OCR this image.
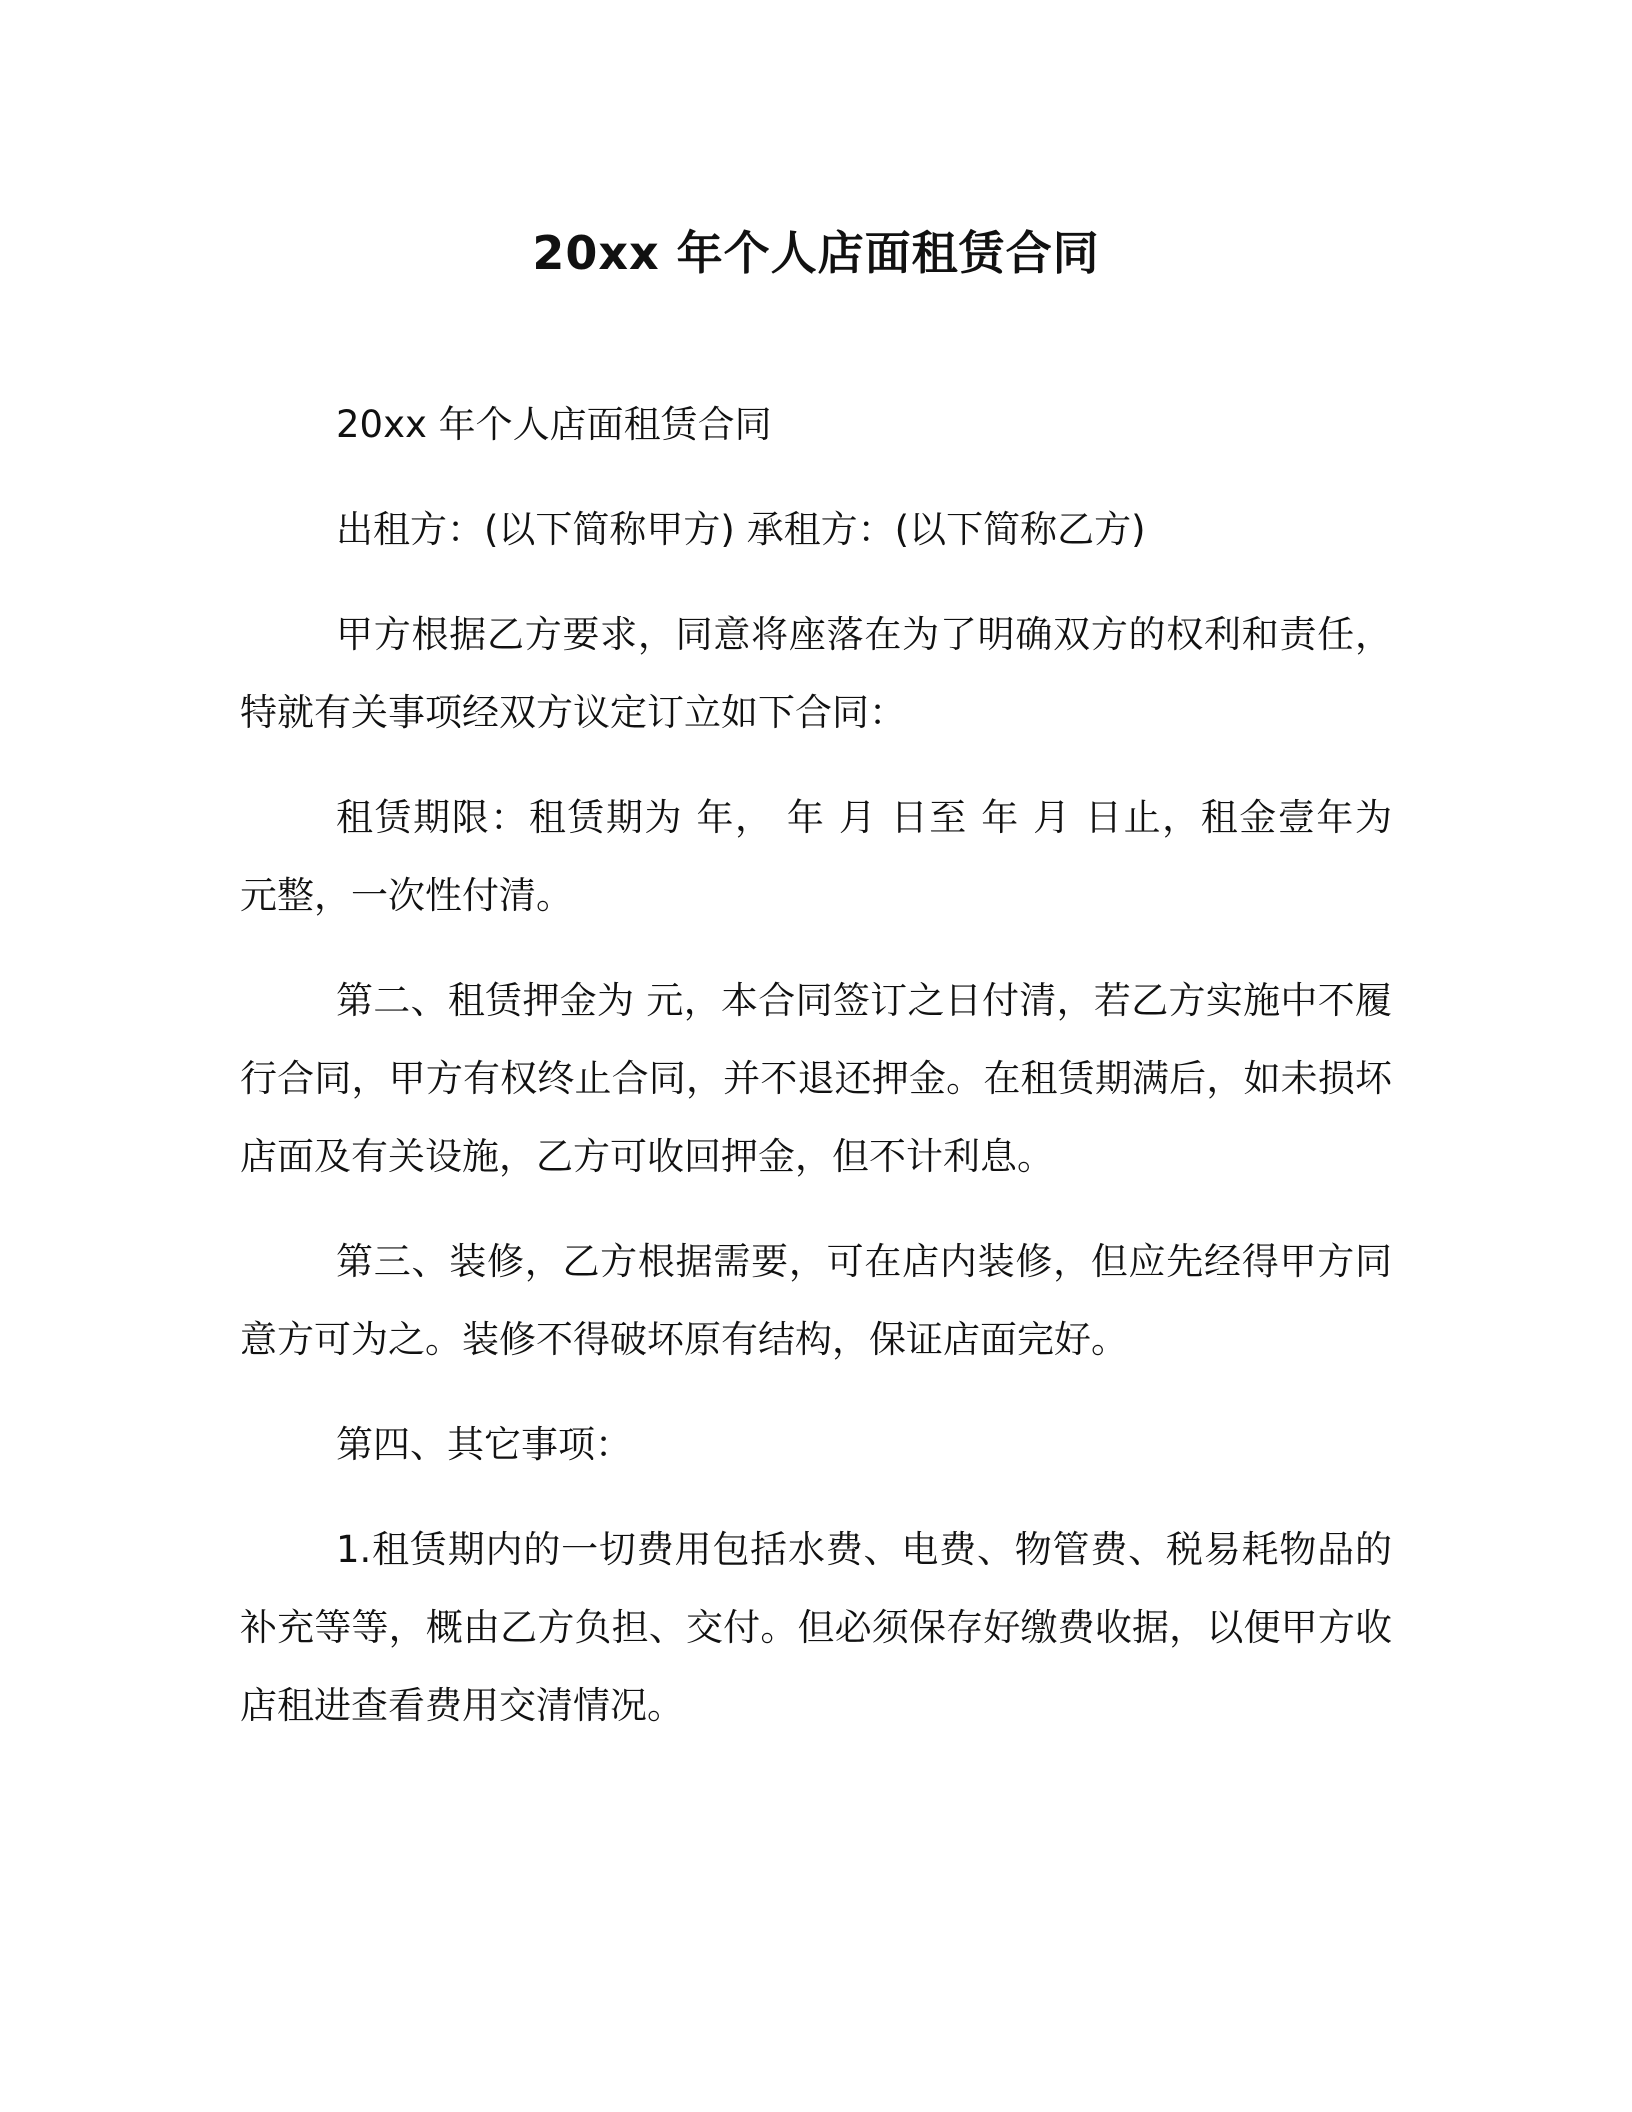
20xx 年个人店面租赁合同

20xx 年个人店面租赁合同

出租方：(以下简称甲方) 承租方：(以下简称乙方)

甲方根据乙方要求，同意将座落在为了明确双方的权利和责任，特就有关事项经双方议定订立如下合同：

租赁期限：租赁期为 年， 年 月 日至 年 月 日止，租金壹年为 元整，一次性付清。

第二、租赁押金为 元，本合同签订之日付清，若乙方实施中不履行合同，甲方有权终止合同，并不退还押金。在租赁期满后，如未损坏店面及有关设施，乙方可收回押金，但不计利息。

第三、装修，乙方根据需要，可在店内装修，但应先经得甲方同意方可为之。装修不得破坏原有结构，保证店面完好。

第四、其它事项：

1.租赁期内的一切费用包括水费、电费、物管费、税易耗物品的补充等等，概由乙方负担、交付。但必须保存好缴费收据，以便甲方收店租进查看费用交清情况。
